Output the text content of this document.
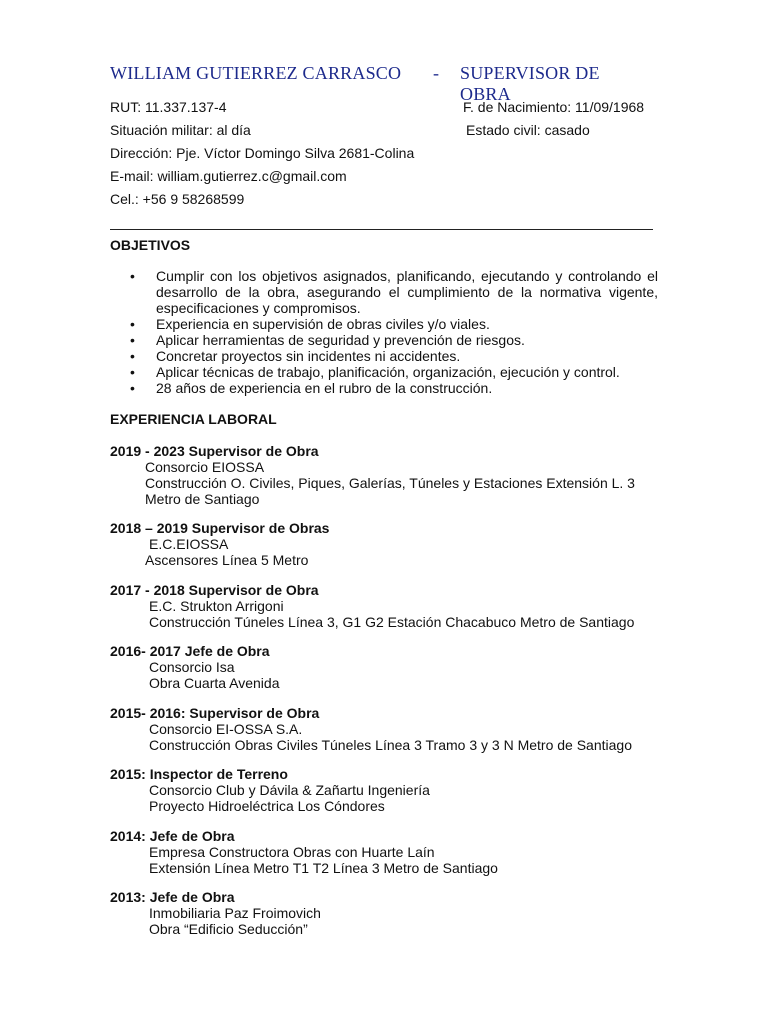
WILLIAM GUTIERREZ CARRASCO - SUPERVISOR DE OBRA
RUT: 11.337.137-4	F. de Nacimiento: 11/09/1968
Situación militar: al día	Estado civil: casado
Dirección: Pje. Víctor Domingo Silva 2681-Colina
E-mail: william.gutierrez.c@gmail.com
Cel.: +56 9 58268599
OBJETIVOS
• Cumplir con los objetivos asignados, planificando, ejecutando y controlando el desarrollo de la obra, asegurando el cumplimiento de la normativa vigente, especificaciones y compromisos.
• Experiencia en supervisión de obras civiles y/o viales.
• Aplicar herramientas de seguridad y prevención de riesgos.
• Concretar proyectos sin incidentes ni accidentes.
• Aplicar técnicas de trabajo, planificación, organización, ejecución y control.
• 28 años de experiencia en el rubro de la construcción.
EXPERIENCIA LABORAL
2019 - 2023 Supervisor de Obra
Consorcio EIOSSA
Construcción O. Civiles, Piques, Galerías, Túneles y Estaciones Extensión L. 3
Metro de Santiago
2018 – 2019 Supervisor de Obras
E.C.EIOSSA
Ascensores Línea 5 Metro
2017 - 2018 Supervisor de Obra
E.C. Strukton Arrigoni
Construcción Túneles Línea 3, G1 G2 Estación Chacabuco Metro de Santiago
2016- 2017 Jefe de Obra
Consorcio Isa
Obra Cuarta Avenida
2015- 2016: Supervisor de Obra
Consorcio EI-OSSA S.A.
Construcción Obras Civiles Túneles Línea 3 Tramo 3 y 3 N Metro de Santiago
2015: Inspector de Terreno
Consorcio Club y Dávila & Zañartu Ingeniería
Proyecto Hidroeléctrica Los Cóndores
2014: Jefe de Obra
Empresa Constructora Obras con Huarte Laín
Extensión Línea Metro T1 T2 Línea 3 Metro de Santiago
2013: Jefe de Obra
Inmobiliaria Paz Froimovich
Obra “Edificio Seducción”
